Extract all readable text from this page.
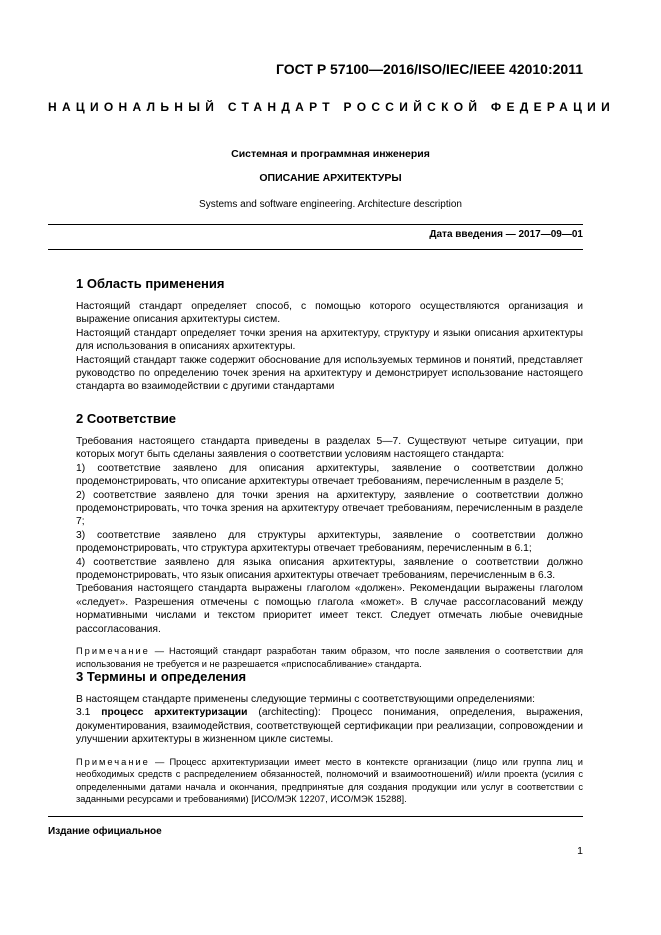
ГОСТ Р 57100—2016/ISO/IEC/IEEE 42010:2011
НАЦИОНАЛЬНЫЙ СТАНДАРТ РОССИЙСКОЙ ФЕДЕРАЦИИ
Системная и программная инженерия
ОПИСАНИЕ АРХИТЕКТУРЫ
Systems and software engineering. Architecture description
Дата введения — 2017—09—01
1 Область применения

Настоящий стандарт определяет способ, с помощью которого осуществляются организация и выражение описания архитектуры систем.

Настоящий стандарт определяет точки зрения на архитектуру, структуру и языки описания архитектуры для использования в описаниях архитектуры.

Настоящий стандарт также содержит обоснование для используемых терминов и понятий, представляет руководство по определению точек зрения на архитектуру и демонстрирует использование настоящего стандарта во взаимодействии с другими стандартами

2 Соответствие

Требования настоящего стандарта приведены в разделах 5—7. Существуют четыре ситуации, при которых могут быть сделаны заявления о соответствии условиям настоящего стандарта:

1) соответствие заявлено для описания архитектуры, заявление о соответствии должно продемонстрировать, что описание архитектуры отвечает требованиям, перечисленным в разделе 5;

2) соответствие заявлено для точки зрения на архитектуру, заявление о соответствии должно продемонстрировать, что точка зрения на архитектуру отвечает требованиям, перечисленным в разделе 7;

3) соответствие заявлено для структуры архитектуры, заявление о соответствии должно продемонстрировать, что структура архитектуры отвечает требованиям, перечисленным в 6.1;

4) соответствие заявлено для языка описания архитектуры, заявление о соответствии должно продемонстрировать, что язык описания архитектуры отвечает требованиям, перечисленным в 6.3.

Требования настоящего стандарта выражены глаголом «должен». Рекомендации выражены глаголом «следует». Разрешения отмечены с помощью глагола «может». В случае рассогласований между нормативными числами и текстом приоритет имеет текст. Следует отмечать любые очевидные рассогласования.

Примечание — Настоящий стандарт разработан таким образом, что после заявления о соответствии для использования не требуется и не разрешается «приспосабливание» стандарта.

3 Термины и определения

В настоящем стандарте применены следующие термины с соответствующими определениями:

3.1 процесс архитектуризации (architecting): Процесс понимания, определения, выражения, документирования, взаимодействия, соответствующей сертификации при реализации, сопровождении и улучшении архитектуры в жизненном цикле системы.

Примечание — Процесс архитектуризации имеет место в контексте организации (лицо или группа лиц и необходимых средств с распределением обязанностей, полномочий и взаимоотношений) и/или проекта (усилия с определенными датами начала и окончания, предпринятые для создания продукции или услуг в соответствии с заданными ресурсами и требованиями) [ИСО/МЭК 12207, ИСО/МЭК 15288].

Издание официальное
1
